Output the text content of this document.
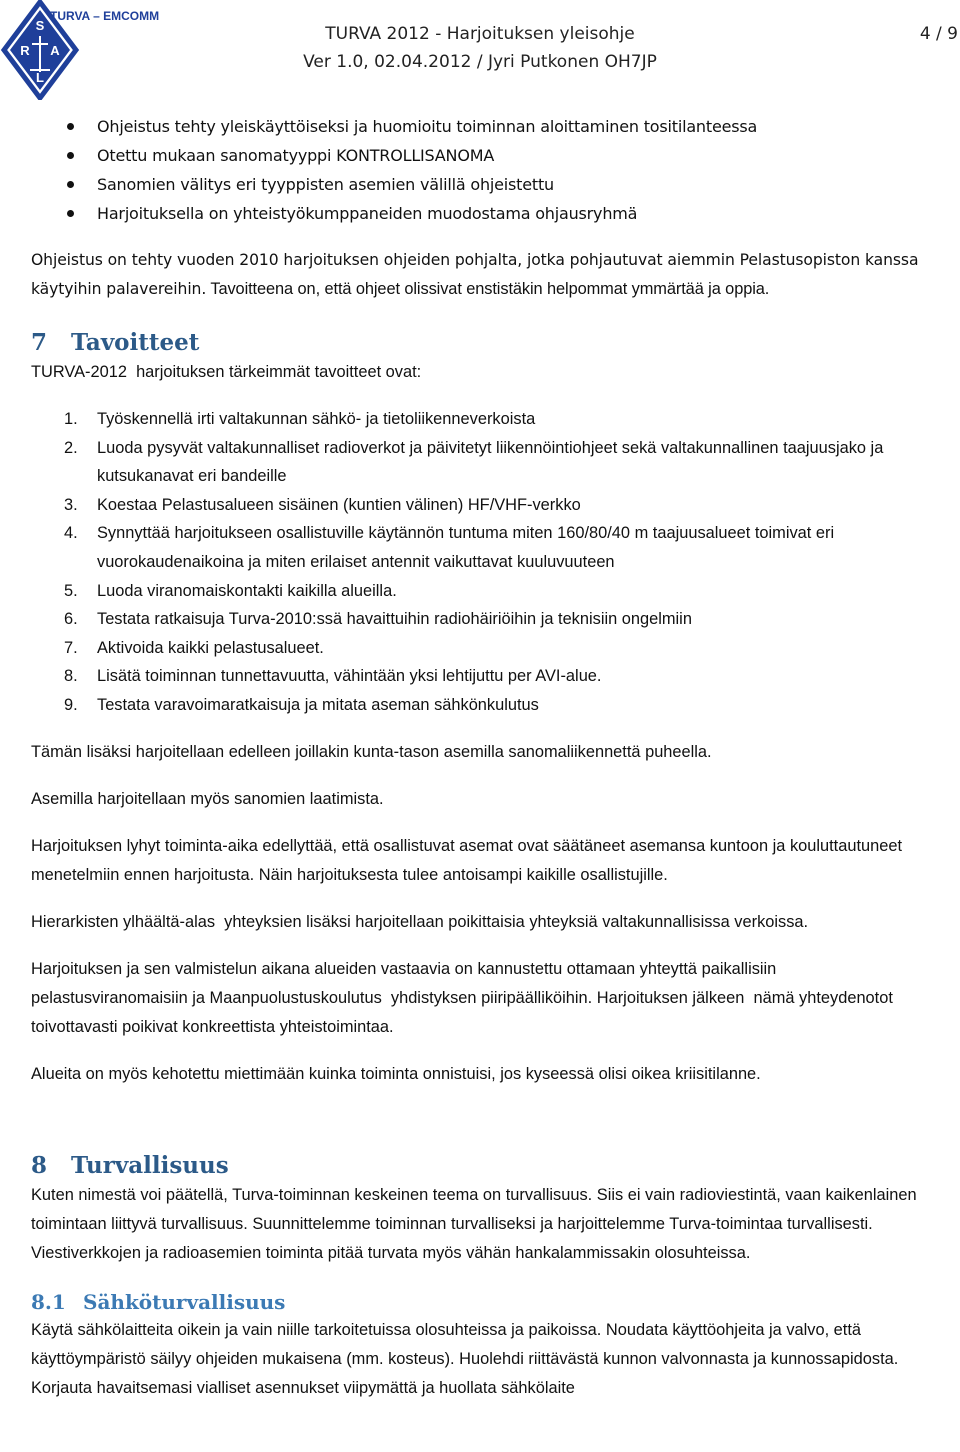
S
R A
L
TURVA – EMCOMM
TURVA 2012 - Harjoituksen yleisohje
Ver 1.0, 02.04.2012 / Jyri Putkonen OH7JP
4 / 9
Ohjeistus tehty yleiskäyttöiseksi ja huomioitu toiminnan aloittaminen tositilanteessa
Otettu mukaan sanomatyyppi KONTROLLISANOMA
Sanomien välitys eri tyyppisten asemien välillä ohjeistettu
Harjoituksella on yhteistyökumppaneiden muodostama ohjausryhmä

Ohjeistus on tehty vuoden 2010 harjoituksen ohjeiden pohjalta, jotka pohjautuvat aiemmin Pelastusopiston kanssa käytyihin palavereihin. Tavoitteena on, että ohjeet olissivat enstistäkin helpommat ymmärtää ja oppia.

7 Tavoitteet

TURVA-2012  harjoituksen tärkeimmät tavoitteet ovat:

1. Työskennellä irti valtakunnan sähkö- ja tietoliikenneverkoista
2. Luoda pysyvät valtakunnalliset radioverkot ja päivitetyt liikennöintiohjeet sekä valtakunnallinen taajuusjako ja kutsukanavat eri bandeille
3. Koestaa Pelastusalueen sisäinen (kuntien välinen) HF/VHF-verkko
4. Synnyttää harjoitukseen osallistuville käytännön tuntuma miten 160/80/40 m taajuusalueet toimivat eri vuorokaudenaikoina ja miten erilaiset antennit vaikuttavat kuuluvuuteen
5. Luoda viranomaiskontakti kaikilla alueilla.
6. Testata ratkaisuja Turva-2010:ssä havaittuihin radiohäiriöihin ja teknisiin ongelmiin
7. Aktivoida kaikki pelastusalueet.
8. Lisätä toiminnan tunnettavuutta, vähintään yksi lehtijuttu per AVI-alue.
9. Testata varavoimaratkaisuja ja mitata aseman sähkönkulutus

Tämän lisäksi harjoitellaan edelleen joillakin kunta-tason asemilla sanomaliikennettä puheella.

Asemilla harjoitellaan myös sanomien laatimista.

Harjoituksen lyhyt toiminta-aika edellyttää, että osallistuvat asemat ovat säätäneet asemansa kuntoon ja kouluttautuneet menetelmiin ennen harjoitusta. Näin harjoituksesta tulee antoisampi kaikille osallistujille.

Hierarkisten ylhäältä-alas  yhteyksien lisäksi harjoitellaan poikittaisia yhteyksiä valtakunnallisissa verkoissa.

Harjoituksen ja sen valmistelun aikana alueiden vastaavia on kannustettu ottamaan yhteyttä paikallisiin pelastusviranomaisiin ja Maanpuolustuskoulutus  yhdistyksen piiripäälliköihin. Harjoituksen jälkeen  nämä yhteydenotot toivottavasti poikivat konkreettista yhteistoimintaa.

Alueita on myös kehotettu miettimään kuinka toiminta onnistuisi, jos kyseessä olisi oikea kriisitilanne.

8 Turvallisuus

Kuten nimestä voi päätellä, Turva-toiminnan keskeinen teema on turvallisuus. Siis ei vain radioviestintä, vaan kaikenlainen toimintaan liittyvä turvallisuus. Suunnittelemme toiminnan turvalliseksi ja harjoittelemme Turva-toimintaa turvallisesti. Viestiverkkojen ja radioasemien toiminta pitää turvata myös vähän hankalammissakin olosuhteissa.

8.1 Sähköturvallisuus

Käytä sähkölaitteita oikein ja vain niille tarkoitetuissa olosuhteissa ja paikoissa. Noudata käyttöohjeita ja valvo, että käyttöympäristö säilyy ohjeiden mukaisena (mm. kosteus). Huolehdi riittävästä kunnon valvonnasta ja kunnossapidosta. Korjauta havaitsemasi vialliset asennukset viipymättä ja huollata sähkölaite
